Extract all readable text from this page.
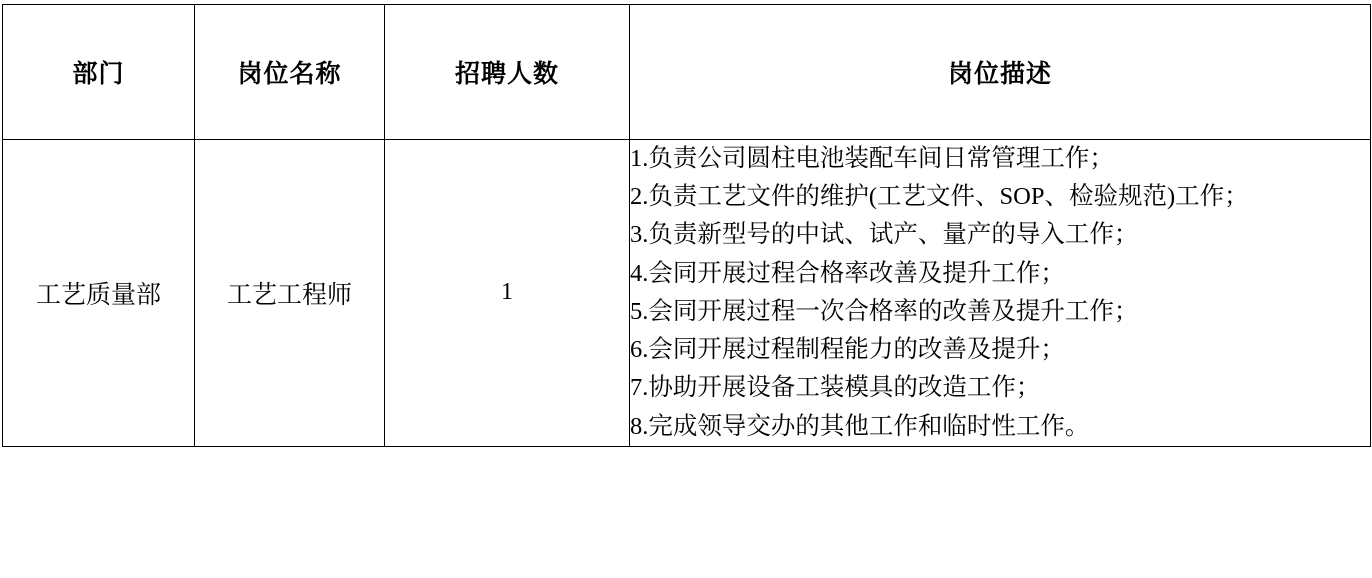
部门	岗位名称	招聘人数	岗位描述
工艺质量部	工艺工程师	1	
1.负责公司圆柱电池装配车间日常管理工作；
2.负责工艺文件的维护(工艺文件、SOP、检验规范)工作；
3.负责新型号的中试、试产、量产的导入工作；
4.会同开展过程合格率改善及提升工作；
5.会同开展过程一次合格率的改善及提升工作；
6.会同开展过程制程能力的改善及提升；
7.协助开展设备工装模具的改造工作；
8.完成领导交办的其他工作和临时性工作。
